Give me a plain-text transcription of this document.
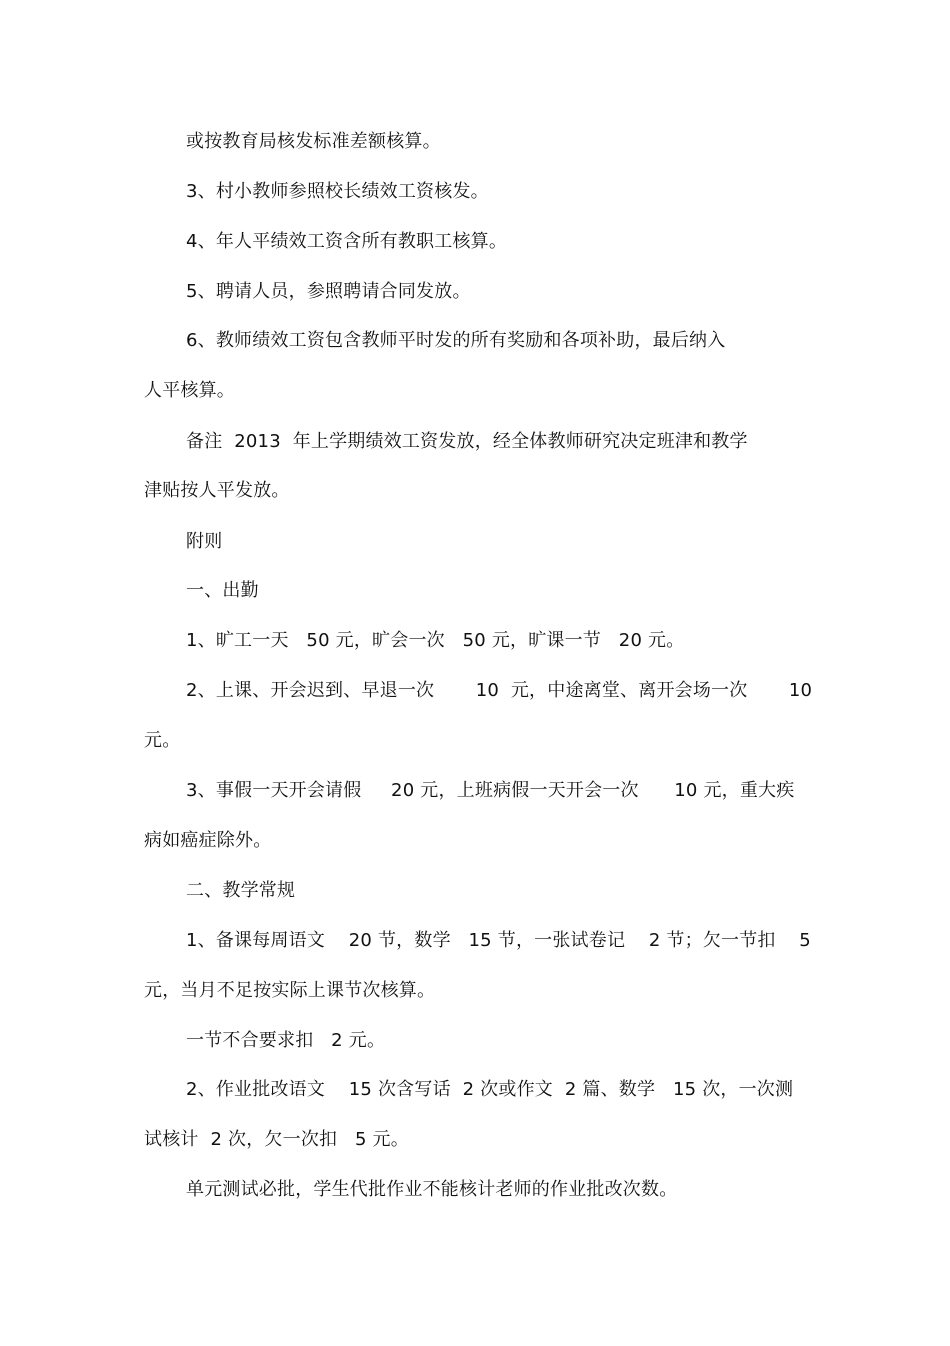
或按教育局核发标准差额核算。
3、村小教师参照校长绩效工资核发。
4、年人平绩效工资含所有教职工核算。
5、聘请人员，参照聘请合同发放。
6、教师绩效工资包含教师平时发的所有奖励和各项补助，最后纳入
人平核算。
备注  2013  年上学期绩效工资发放，经全体教师研究决定班津和教学
津贴按人平发放。
附则
一、出勤
1、旷工一天   50 元，旷会一次   50 元，旷课一节   20 元。
2、上课、开会迟到、早退一次       10  元，中途离堂、离开会场一次       10
元。
3、事假一天开会请假     20 元，上班病假一天开会一次      10 元，重大疾
病如癌症除外。
二、教学常规
1、备课每周语文    20 节，数学   15 节，一张试卷记    2 节；欠一节扣    5
元，当月不足按实际上课节次核算。
一节不合要求扣   2 元。
2、作业批改语文    15 次含写话  2 次或作文  2 篇、数学   15 次，一次测
试核计  2 次，欠一次扣   5 元。
单元测试必批，学生代批作业不能核计老师的作业批改次数。
